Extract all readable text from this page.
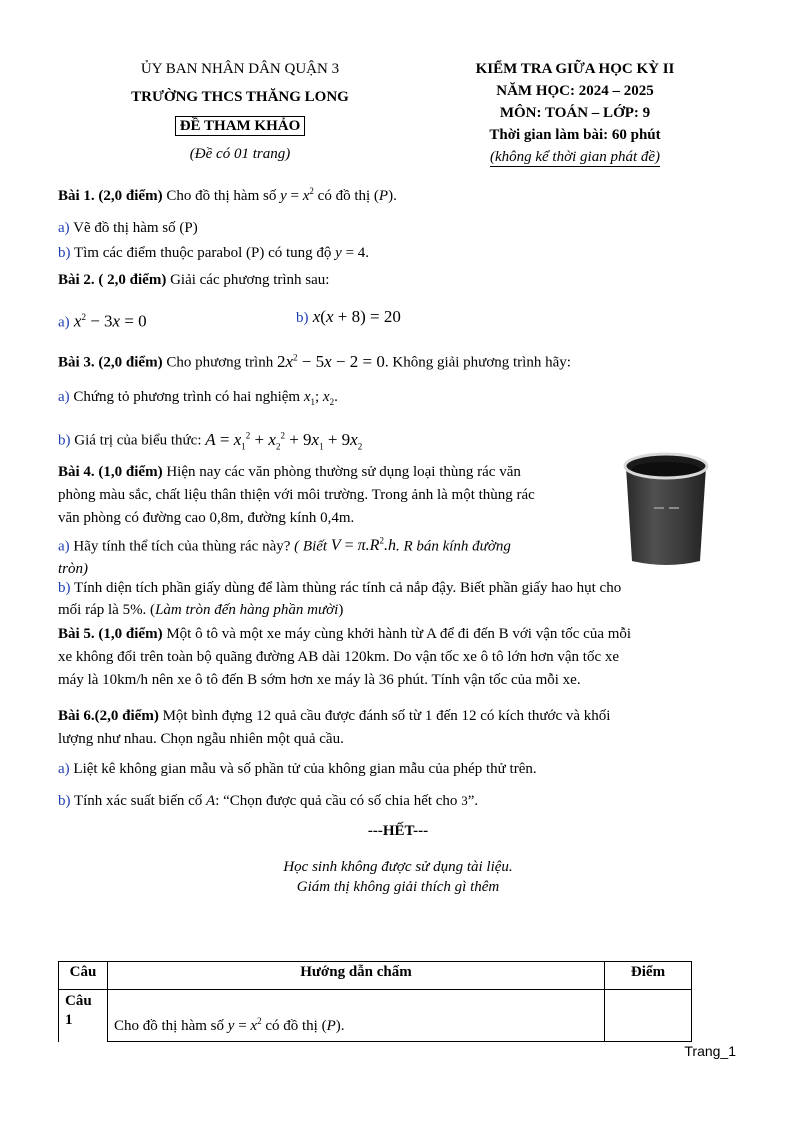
ỦY BAN NHÂN DÂN QUẬN 3
TRƯỜNG THCS THĂNG LONG
ĐỀ THAM KHẢO
(Đề có 01 trang)
KIỂM TRA GIỮA HỌC KỲ II
NĂM HỌC: 2024 – 2025
MÔN: TOÁN – LỚP: 9
Thời gian làm bài: 60 phút
(không kể thời gian phát đề)
Bài 1. (2,0 điểm) Cho đồ thị hàm số $y = x^2$ có đồ thị (P).
a) Vẽ đồ thị hàm số (P)
b) Tìm các điểm thuộc parabol (P) có tung độ y = 4.
Bài 2. ( 2,0 điểm) Giải các phương trình sau:
a) $x^2 - 3x = 0$	b) x(x + 8) = 20
Bài 3. (2,0 điểm) Cho phương trình $2x^2 - 5x - 2 = 0$. Không giải phương trình hãy:
a) Chứng tỏ phương trình có hai nghiệm $x_1$; $x_2$.
b) Giá trị của biểu thức: $A = x_1^2 + x_2^2 + 9x_1 + 9x_2$
Bài 4. (1,0 điểm) Hiện nay các văn phòng thường sử dụng loại thùng rác văn
phòng màu sắc, chất liệu thân thiện với môi trường. Trong ảnh là một thùng rác
văn phòng có đường cao 0,8m, đường kính 0,4m.
a) Hãy tính thể tích của thùng rác này? ( Biết $V = \pi.R^2.h$. R bán kính đường
tròn)
b) Tính diện tích phần giấy dùng để làm thùng rác tính cả nắp đậy. Biết phần giấy hao hụt cho
mối ráp là 5%. (Làm tròn đến hàng phần mười)
Bài 5. (1,0 điểm) Một ô tô và một xe máy cùng khởi hành từ A để đi đến B với vận tốc của mỗi
xe không đổi trên toàn bộ quãng đường AB dài 120km. Do vận tốc xe ô tô lớn hơn vận tốc xe
máy là 10km/h nên xe ô tô đến B sớm hơn xe máy là 36 phút. Tính vận tốc của mỗi xe.
Bài 6.(2,0 điểm) Một bình đựng 12 quả cầu được đánh số từ 1 đến 12 có kích thước và khối
lượng như nhau. Chọn ngẫu nhiên một quả cầu.
a) Liệt kê không gian mẫu và số phần tử của không gian mẫu của phép thử trên.
b) Tính xác suất biến cố A: “Chọn được quả cầu có số chia hết cho 3”.
---HẾT---
Học sinh không được sử dụng tài liệu.
Giám thị không giải thích gì thêm
Câu	Hướng dẫn chấm	Điểm
Câu 1	Cho đồ thị hàm số $y = x^2$ có đồ thị (P).	
Trang_1
